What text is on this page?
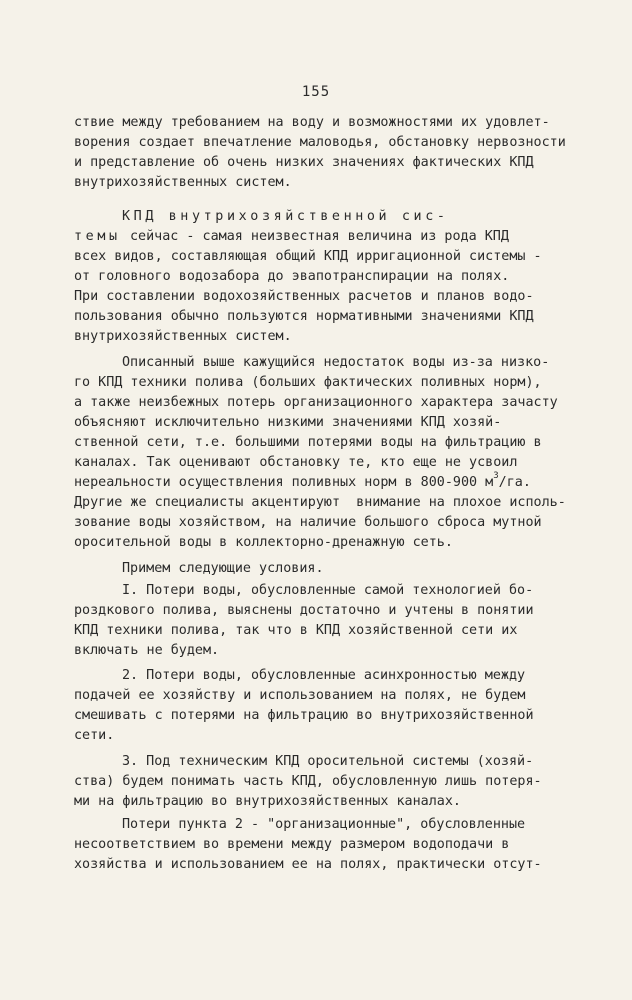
155
ствие между требованием на воду и возможностями их удовлет-
ворения создает впечатление маловодья, обстановку нервозности
и представление об очень низких значениях фактических КПД
внутрихозяйственных систем.
КПД внутрихозяйственной сис-
темы сейчас - самая неизвестная величина из рода КПД
всех видов, составляющая общий КПД ирригационной системы -
от головного водозабора до эвапотранспирации на полях.
При составлении водохозяйственных расчетов и планов водо-
пользования обычно пользуются нормативными значениями КПД
внутрихозяйственных систем.
Описанный выше кажущийся недостаток воды из-за низко-
го КПД техники полива (больших фактических поливных норм),
а также неизбежных потерь организационного характера зачасту
объясняют исключительно низкими значениями КПД хозяй-
ственной сети, т.е. большими потерями воды на фильтрацию в
каналах. Так оценивают обстановку те, кто еще не усвоил
нереальности осуществления поливных норм в 800-900 $м^3/га$.
Другие же специалисты акцентируют  внимание на плохое исполь-
зование воды хозяйством, на наличие большого сброса мутной
оросительной воды в коллекторно-дренажную сеть.
Примем следующие условия.
I. Потери воды, обусловленные самой технологией бо-
роздкового полива, выяснены достаточно и учтены в понятии
КПД техники полива, так что в КПД хозяйственной сети их
включать не будем.
2. Потери воды, обусловленные асинхронностью между
подачей ее хозяйству и использованием на полях, не будем
смешивать с потерями на фильтрацию во внутрихозяйственной
сети.
3. Под техническим КПД оросительной системы (хозяй-
ства) будем понимать часть КПД, обусловленную лишь потеря-
ми на фильтрацию во внутрихозяйственных каналах.
Потери пункта 2 - "организационные", обусловленные
несоответствием во времени между размером водоподачи в
хозяйства и использованием ее на полях, практически отсут-
